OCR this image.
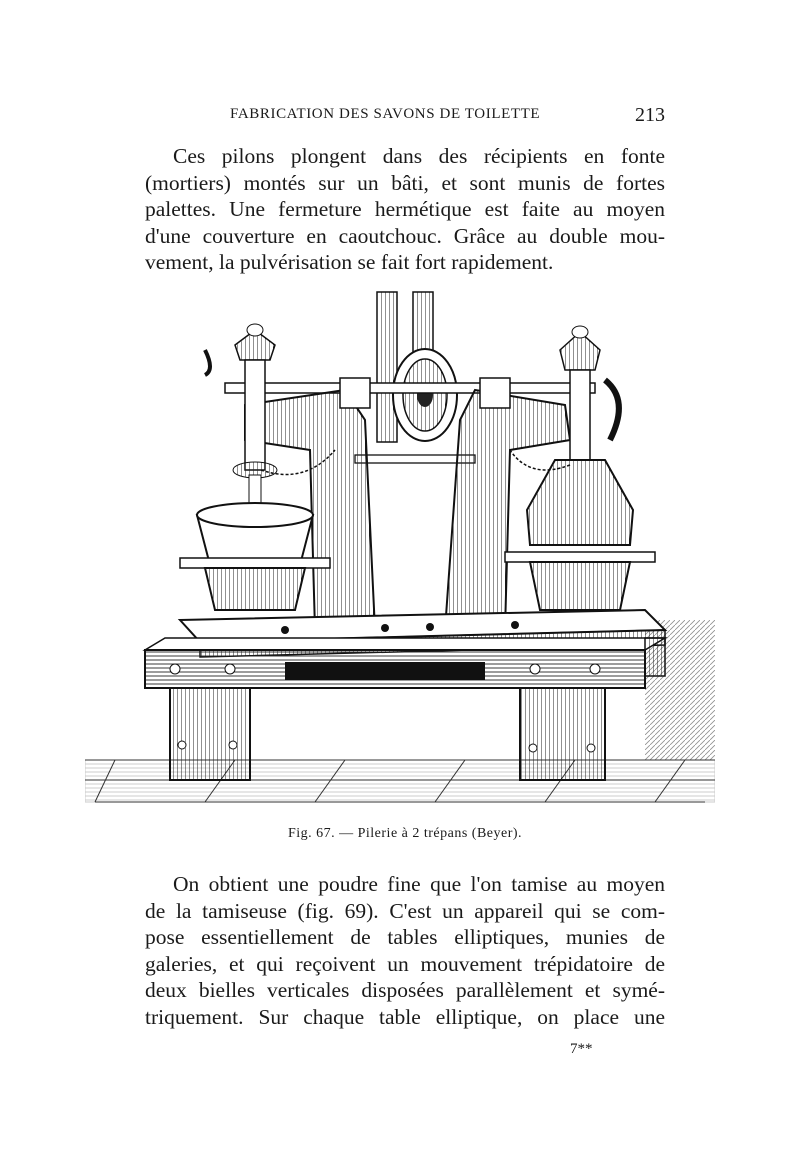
FABRICATION DES SAVONS DE TOILETTE	213
Ces pilons plongent dans des récipients en fonte
(mortiers) montés sur un bâti, et sont munis de fortes
palettes. Une fermeture hermétique est faite au moyen
d'une couverture en caoutchouc. Grâce au double mou-
vement, la pulvérisation se fait fort rapidement.
Fig. 67. — Pilerie à 2 trépans (Beyer).
On obtient une poudre fine que l'on tamise au moyen
de la tamiseuse (fig. 69). C'est un appareil qui se com-
pose essentiellement de tables elliptiques, munies de
galeries, et qui reçoivent un mouvement trépidatoire de
deux bielles verticales disposées parallèlement et symé-
triquement. Sur chaque table elliptique, on place une
7**
